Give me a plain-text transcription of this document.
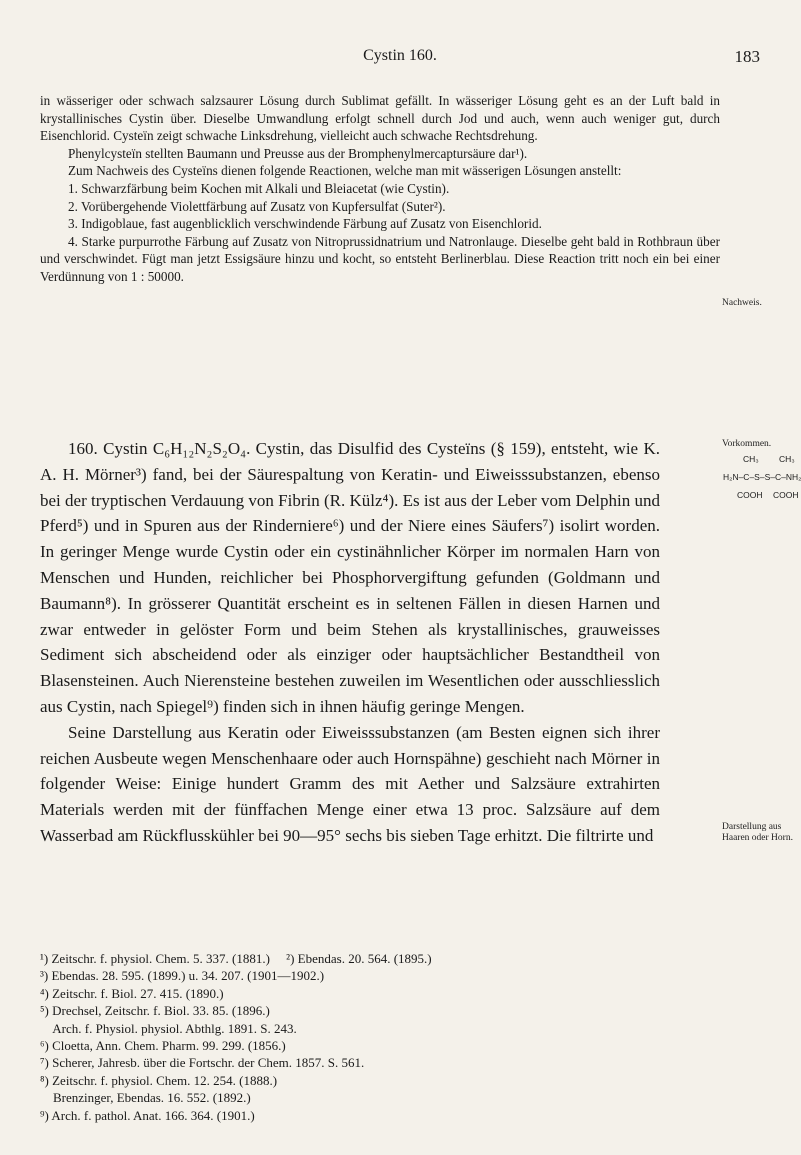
Cystin 160.	183

in wässeriger oder schwach salzsaurer Lösung durch Sublimat gefällt. In wässeriger Lösung geht es an der Luft bald in krystallinisches Cystin über. Dieselbe Umwandlung erfolgt schnell durch Jod und auch, wenn auch weniger gut, durch Eisenchlorid. Cysteïn zeigt schwache Linksdrehung, vielleicht auch schwache Rechtsdrehung.

Phenylcysteïn stellten Baumann und Preusse aus der Bromphenylmercaptursäure dar¹).

Zum Nachweis des Cysteïns dienen folgende Reactionen, welche man mit wässerigen Lösungen anstellt:

1. Schwarzfärbung beim Kochen mit Alkali und Bleiacetat (wie Cystin).

2. Vorübergehende Violettfärbung auf Zusatz von Kupfersulfat (Suter²).

3. Indigoblaue, fast augenblicklich verschwindende Färbung auf Zusatz von Eisenchlorid.

4. Starke purpurrothe Färbung auf Zusatz von Nitroprussidnatrium und Natronlauge. Dieselbe geht bald in Rothbraun über und verschwindet. Fügt man jetzt Essigsäure hinzu und kocht, so entsteht Berlinerblau. Diese Reaction tritt noch ein bei einer Verdünnung von 1 : 50000.

Nachweis.
Vorkommen.
Darstellung aus Haaren oder Horn.
CH₃ CH₃
H₂N–C–S–S–C–NH₂
COOH COOH

160. Cystin C₆H₁₂N₂S₂O₄. Cystin, das Disulfid des Cysteïns (§ 159), entsteht, wie K. A. H. Mörner³) fand, bei der Säurespaltung von Keratin- und Eiweisssubstanzen, ebenso bei der tryptischen Verdauung von Fibrin (R. Külz⁴). Es ist aus der Leber vom Delphin und Pferd⁵) und in Spuren aus der Rinderniere⁶) und der Niere eines Säufers⁷) isolirt worden. In geringer Menge wurde Cystin oder ein cystinähnlicher Körper im normalen Harn von Menschen und Hunden, reichlicher bei Phosphorvergiftung gefunden (Goldmann und Baumann⁸). In grösserer Quantität erscheint es in seltenen Fällen in diesen Harnen und zwar entweder in gelöster Form und beim Stehen als krystallinisches, grauweisses Sediment sich abscheidend oder als einziger oder hauptsächlicher Bestandtheil von Blasensteinen. Auch Nierensteine bestehen zuweilen im Wesentlichen oder ausschliesslich aus Cystin, nach Spiegel⁹) finden sich in ihnen häufig geringe Mengen.

Seine Darstellung aus Keratin oder Eiweisssubstanzen (am Besten eignen sich ihrer reichen Ausbeute wegen Menschenhaare oder auch Hornspähne) geschieht nach Mörner in folgender Weise: Einige hundert Gramm des mit Aether und Salzsäure extrahirten Materials werden mit der fünffachen Menge einer etwa 13 proc. Salzsäure auf dem Wasserbad am Rückflusskühler bei 90—95° sechs bis sieben Tage erhitzt. Die filtrirte und

¹) Zeitschr. f. physiol. Chem. 5. 337. (1881.)     ²) Ebendas. 20. 564. (1895.)
³) Ebendas. 28. 595. (1899.) u. 34. 207. (1901—1902.)
⁴) Zeitschr. f. Biol. 27. 415. (1890.)
⁵) Drechsel, Zeitschr. f. Biol. 33. 85. (1896.)
Arch. f. Physiol. physiol. Abthlg. 1891. S. 243.
⁶) Cloetta, Ann. Chem. Pharm. 99. 299. (1856.)
⁷) Scherer, Jahresb. über die Fortschr. der Chem. 1857. S. 561.
⁸) Zeitschr. f. physiol. Chem. 12. 254. (1888.)
Brenzinger, Ebendas. 16. 552. (1892.)
⁹) Arch. f. pathol. Anat. 166. 364. (1901.)
